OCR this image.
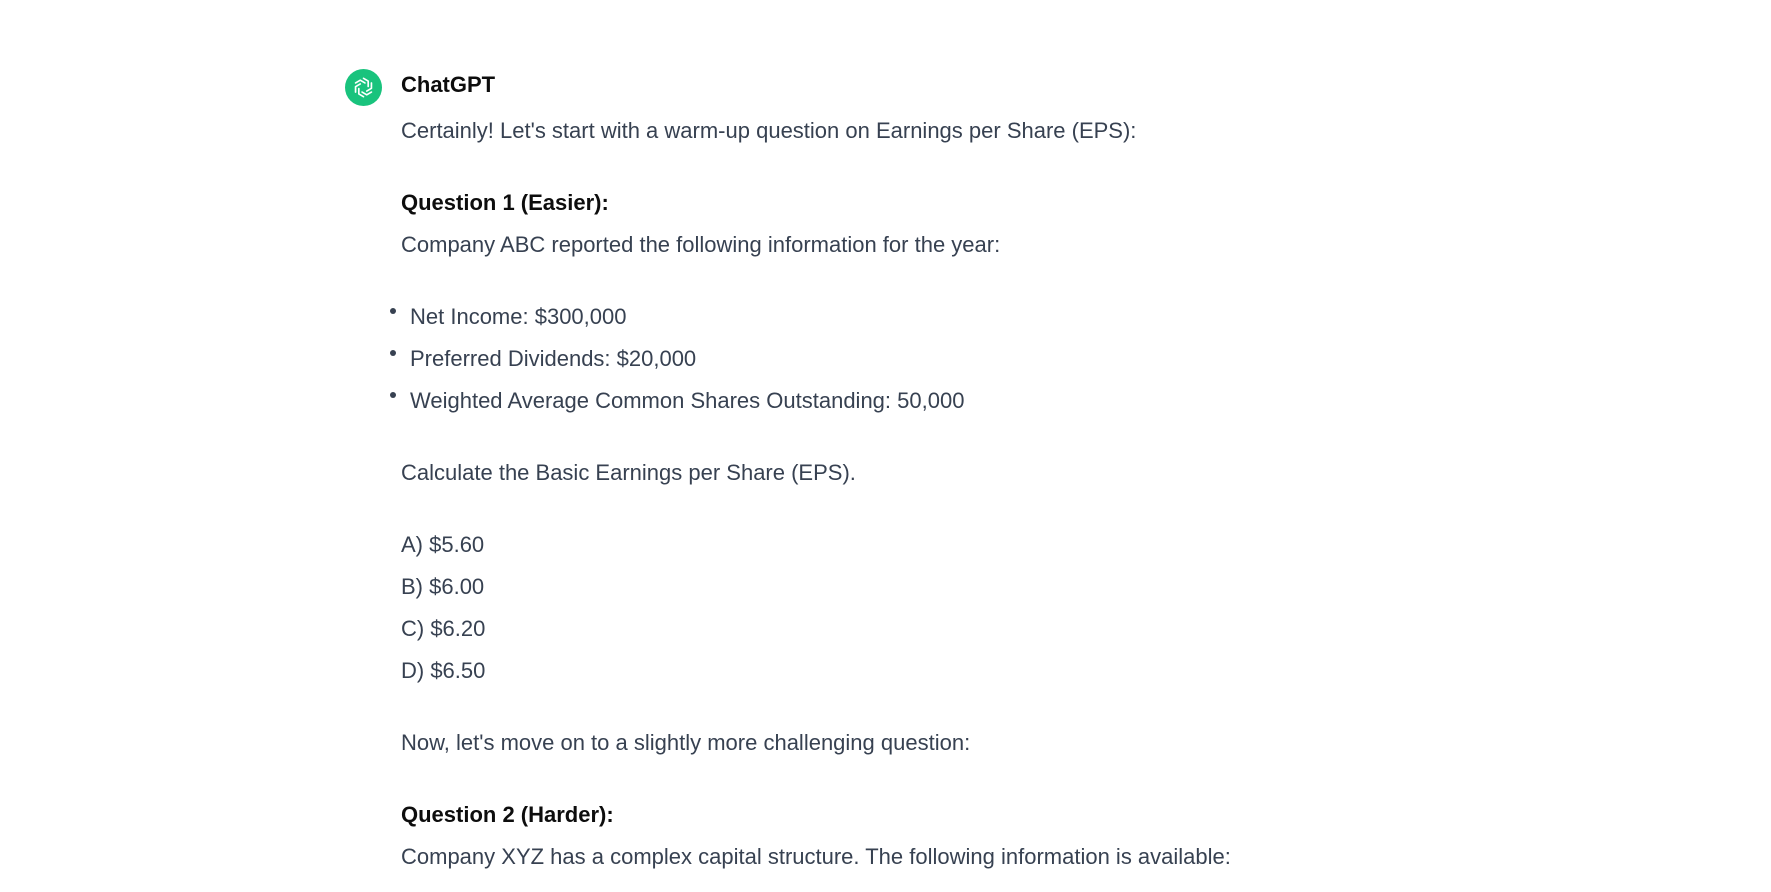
ChatGPT

Certainly! Let's start with a warm-up question on Earnings per Share (EPS):

Question 1 (Easier):

Company ABC reported the following information for the year:

Net Income: $300,000
Preferred Dividends: $20,000
Weighted Average Common Shares Outstanding: 50,000

Calculate the Basic Earnings per Share (EPS).

A) $5.60

B) $6.00

C) $6.20

D) $6.50

Now, let's move on to a slightly more challenging question:

Question 2 (Harder):

Company XYZ has a complex capital structure. The following information is available:
